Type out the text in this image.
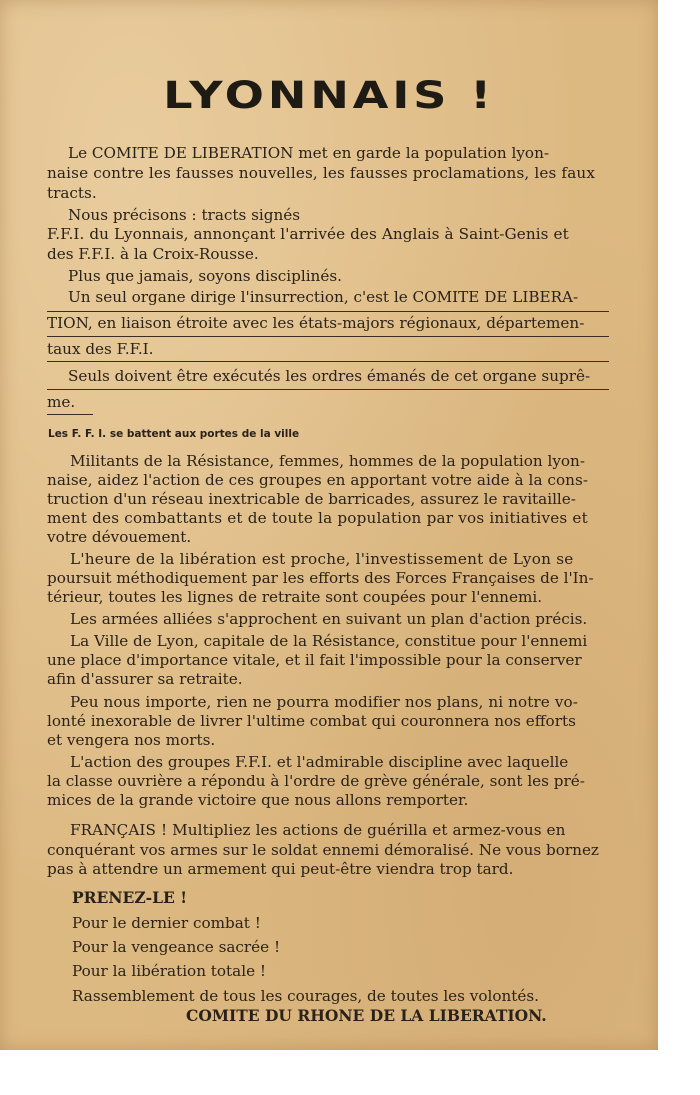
LYONNAIS !
Le COMITE DE LIBERATION met en garde la population lyon-
naise contre les fausses nouvelles, les fausses proclamations, les faux
tracts.
Nous précisons : tracts signés
F.F.I. du Lyonnais, annonçant l'arrivée des Anglais à Saint-Genis et
des F.F.I. à la Croix-Rousse.
Plus que jamais, soyons disciplinés.
Un seul organe dirige l'insurrection, c'est le COMITE DE LIBERA-
TION, en liaison étroite avec les états-majors régionaux, départemen-
taux des F.F.I.
Seuls doivent être exécutés les ordres émanés de cet organe suprê-
me.
Les F. F. I. se battent aux portes de la ville
Militants de la Résistance, femmes, hommes de la population lyon-
naise, aidez l'action de ces groupes en apportant votre aide à la cons-
truction d'un réseau inextricable de barricades, assurez le ravitaille-
ment des combattants et de toute la population par vos initiatives et
votre dévouement.
L'heure de la libération est proche, l'investissement de Lyon se
poursuit méthodiquement par les efforts des Forces Françaises de l'In-
térieur, toutes les lignes de retraite sont coupées pour l'ennemi.
Les armées alliées s'approchent en suivant un plan d'action précis.
La Ville de Lyon, capitale de la Résistance, constitue pour l'ennemi
une place d'importance vitale, et il fait l'impossible pour la conserver
afin d'assurer sa retraite.
Peu nous importe, rien ne pourra modifier nos plans, ni notre vo-
lonté inexorable de livrer l'ultime combat qui couronnera nos efforts
et vengera nos morts.
L'action des groupes F.F.I. et l'admirable discipline avec laquelle
la classe ouvrière a répondu à l'ordre de grève générale, sont les pré-
mices de la grande victoire que nous allons remporter.
FRANÇAIS ! Multipliez les actions de guérilla et armez-vous en
conquérant vos armes sur le soldat ennemi démoralisé. Ne vous bornez
pas à attendre un armement qui peut-être viendra trop tard.
PRENEZ-LE !
Pour le dernier combat !
Pour la vengeance sacrée !
Pour la libération totale !
Rassemblement de tous les courages, de toutes les volontés.
COMITE DU RHONE DE LA LIBERATION.
